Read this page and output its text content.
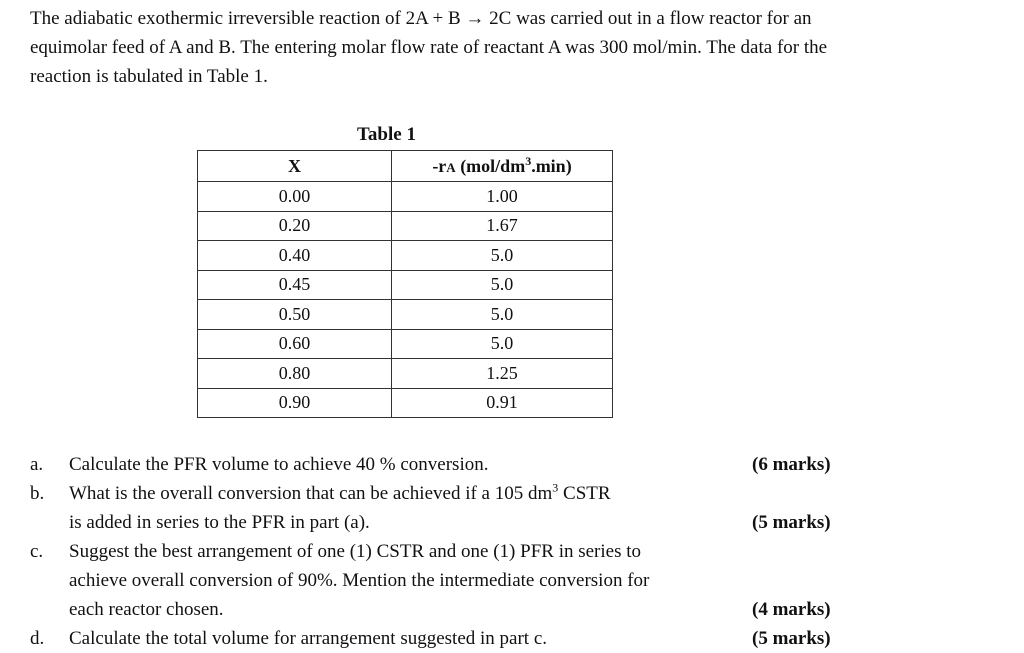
The adiabatic exothermic irreversible reaction of 2A + B → 2C was carried out in a flow reactor for an equimolar feed of A and B. The entering molar flow rate of reactant A was 300 mol/min. The data for the reaction is tabulated in Table 1.

Table 1

X	-rA $(mol/dm^3.\min)$
0.00	1.00
0.20	1.67
0.40	5.0
0.45	5.0
0.50	5.0
0.60	5.0
0.80	1.25
0.90	0.91
a. Calculate the PFR volume to achieve 40 % conversion.	(6 marks)
b. What is the overall conversion that can be achieved if a 105 $dm^3$ CSTR
is added in series to the PFR in part (a).	(5 marks)
c. Suggest the best arrangement of one (1) CSTR and one (1) PFR in series to
achieve overall conversion of 90%. Mention the intermediate conversion for
each reactor chosen.	(4 marks)
d. Calculate the total volume for arrangement suggested in part c.	(5 marks)
